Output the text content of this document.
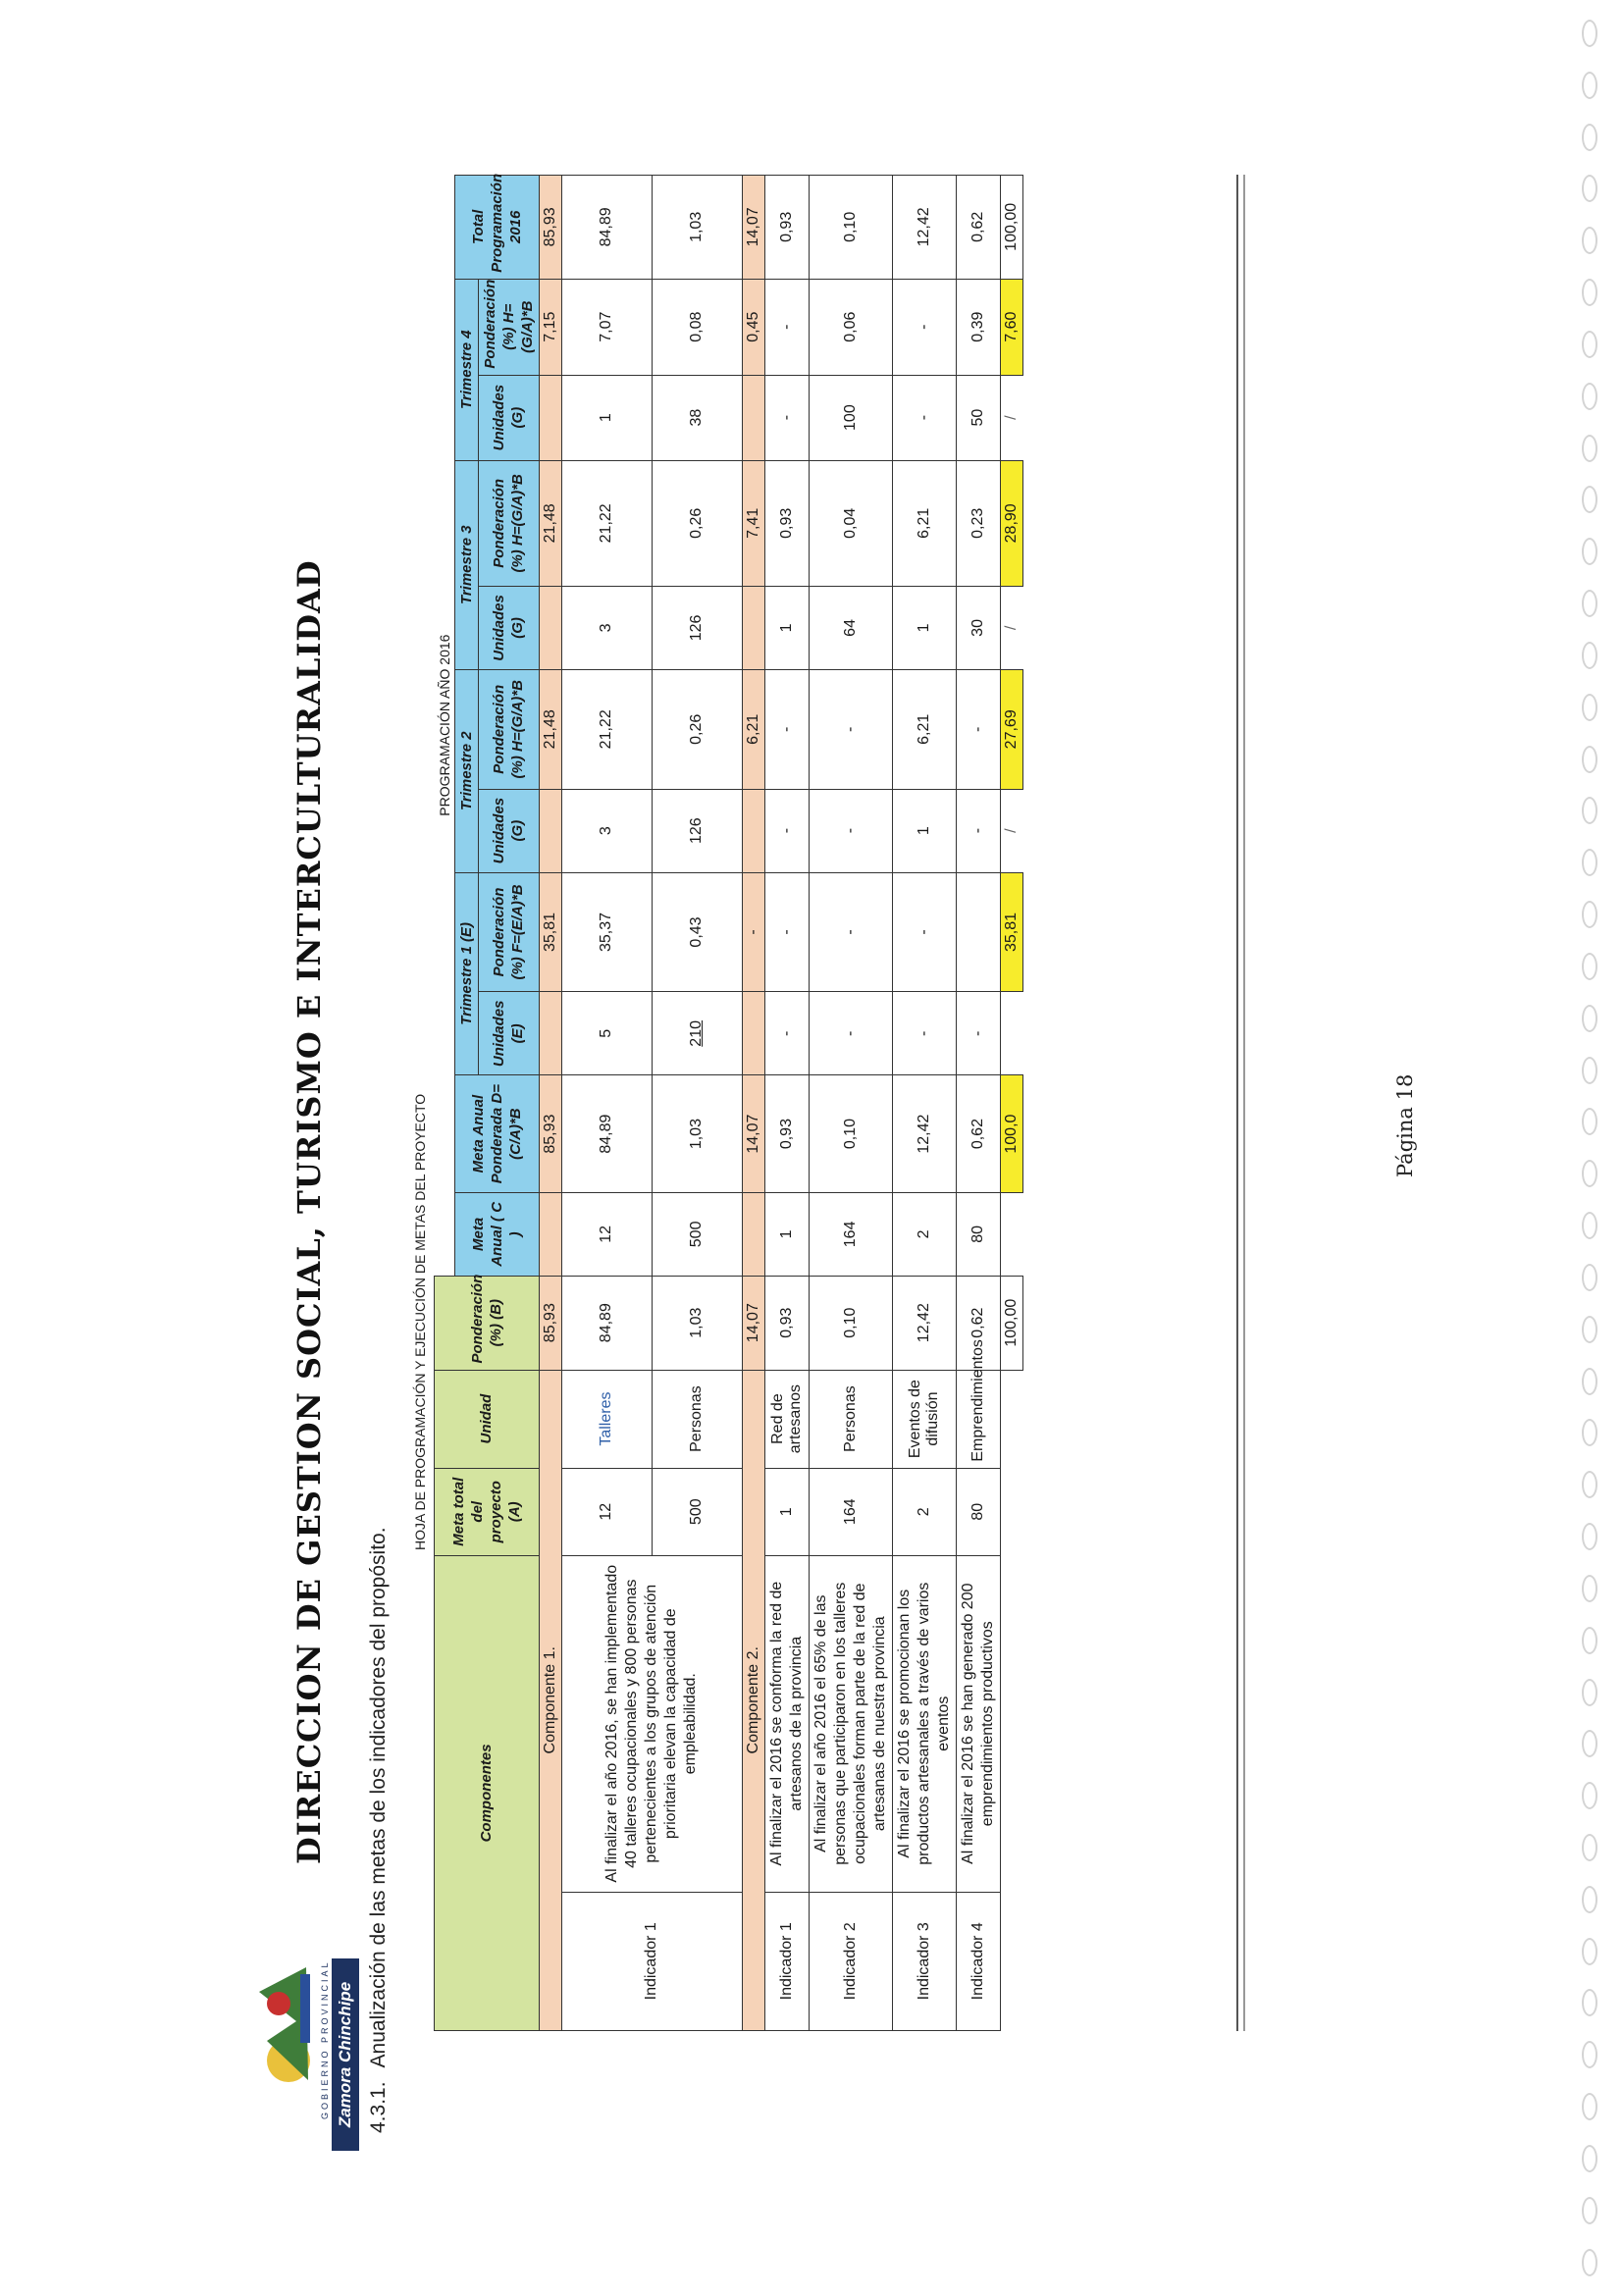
GOBIERNO PROVINCIAL Zamora Chinchipe
DIRECCION DE GESTION SOCIAL, TURISMO E INTERCULTURALIDAD
4.3.1.Anualización de las metas de los indicadores del propósito.
HOJA DE PROGRAMACIÓN Y EJECUCIÓN DE METAS DEL PROYECTO
Componentes		Meta total del proyecto (A)	Unidad	Ponderación (%) (B)	PROGRAMACIÓN AÑO 2016										
					Meta Anual ( C )	Meta Anual Ponderada D=(C/A)*B	Trimestre 1 (E)		Trimestre 2		Trimestre 3		Trimestre 4		Total Programación 2016
							Unidades (E)	Ponderación (%) F=(E/A)*B	Unidades (G)	Ponderación (%) H=(G/A)*B	Unidades (G)	Ponderación (%) H=(G/A)*B	Unidades (G)	Ponderación (%) H=(G/A)*B	
Componente 1.				85,93		85,93		35,81		21,48		21,48		7,15	85,93
Indicador 1	Al finalizar el año 2016, se han implementado 40 talleres ocupacionales y 800 personas pertenecientes a los grupos de atención prioritaria elevan la capacidad de empleabilidad.	12	Talleres	84,89	12	84,89	5	35,37	3	21,22	3	21,22	1	7,07	84,89
		500	Personas	1,03	500	1,03	210	0,43	126	0,26	126	0,26	38	0,08	1,03
Componente 2.				14,07		14,07		-		6,21		7,41		0,45	14,07
Indicador 1	Al finalizar el 2016 se conforma la red de artesanos de la provincia	1	Red de artesanos	0,93	1	0,93	-	-	-	-	1	0,93	-	-	0,93
Indicador 2	Al finalizar el año 2016 el 65% de las personas que participaron en los talleres ocupacionales forman parte de la red de artesanas de nuestra provincia	164	Personas	0,10	164	0,10	-	-	-	-	64	0,04	100	0,06	0,10
Indicador 3	Al finalizar el 2016 se promocionan los productos artesanales a través de varios eventos	2	Eventos de difusión	12,42	2	12,42	-	-	1	6,21	1	6,21	-	-	12,42
Indicador 4	Al finalizar el 2016 se han generado 200 emprendimientos productivos	80	Emprendimientos	0,62	80	0,62	-		-	-	30	0,23	50	0,39	0,62
				100,00		100,0		35,81	/	27,69	/	28,90	/	7,60	100,00
Página 18
